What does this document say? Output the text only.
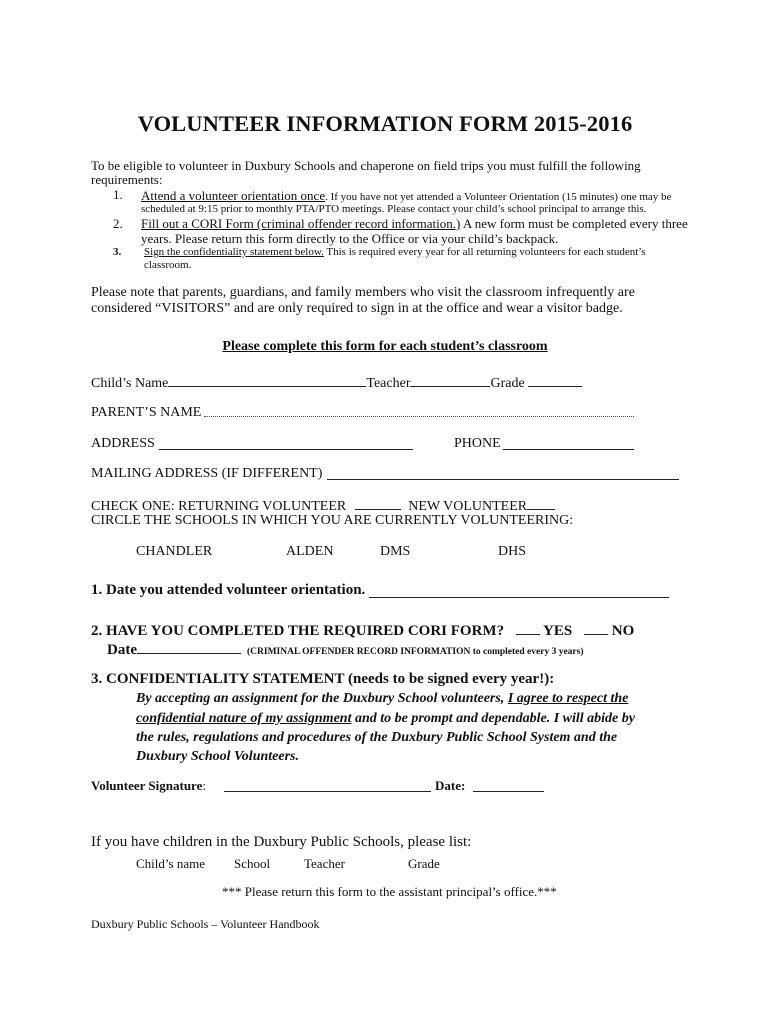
VOLUNTEER INFORMATION FORM 2015-2016
To be eligible to volunteer in Duxbury Schools and chaperone on field trips you must fulfill the following
requirements:
1. Attend a volunteer orientation once. If you have not yet attended a Volunteer Orientation (15 minutes) one may be
scheduled at 9:15 prior to monthly PTA/PTO meetings. Please contact your child’s school principal to arrange this.
2. Fill out a CORI Form (criminal offender record information.) A new form must be completed every three
years. Please return this form directly to the Office or via your child’s backpack.
3. Sign the confidentiality statement below. This is required every year for all returning volunteers for each student’s
classroom.
Please note that parents, guardians, and family members who visit the classroom infrequently are
considered “VISITORS” and are only required to sign in at the office and wear a visitor badge.
Please complete this form for each student’s classroom
Child’s Name	Teacher	Grade
PARENT’S NAME
ADDRESS	PHONE
MAILING ADDRESS (IF DIFFERENT)
CHECK ONE: RETURNING VOLUNTEER	NEW VOLUNTEER
CIRCLE THE SCHOOLS IN WHICH YOU ARE CURRENTLY VOLUNTEERING:
CHANDLER	ALDEN	DMS	DHS
1. Date you attended volunteer orientation.
2. HAVE YOU COMPLETED THE REQUIRED CORI FORM?	YES	NO
Date	(CRIMINAL OFFENDER RECORD INFORMATION to completed every 3 years)
3. CONFIDENTIALITY STATEMENT (needs to be signed every year!):
By accepting an assignment for the Duxbury School volunteers, I agree to respect the
confidential nature of my assignment and to be prompt and dependable. I will abide by
the rules, regulations and procedures of the Duxbury Public School System and the
Duxbury School Volunteers.
Volunteer Signature:	Date:
If you have children in the Duxbury Public Schools, please list:
Child’s name School	Teacher	Grade
*** Please return this form to the assistant principal’s office.***
Duxbury Public Schools – Volunteer Handbook
